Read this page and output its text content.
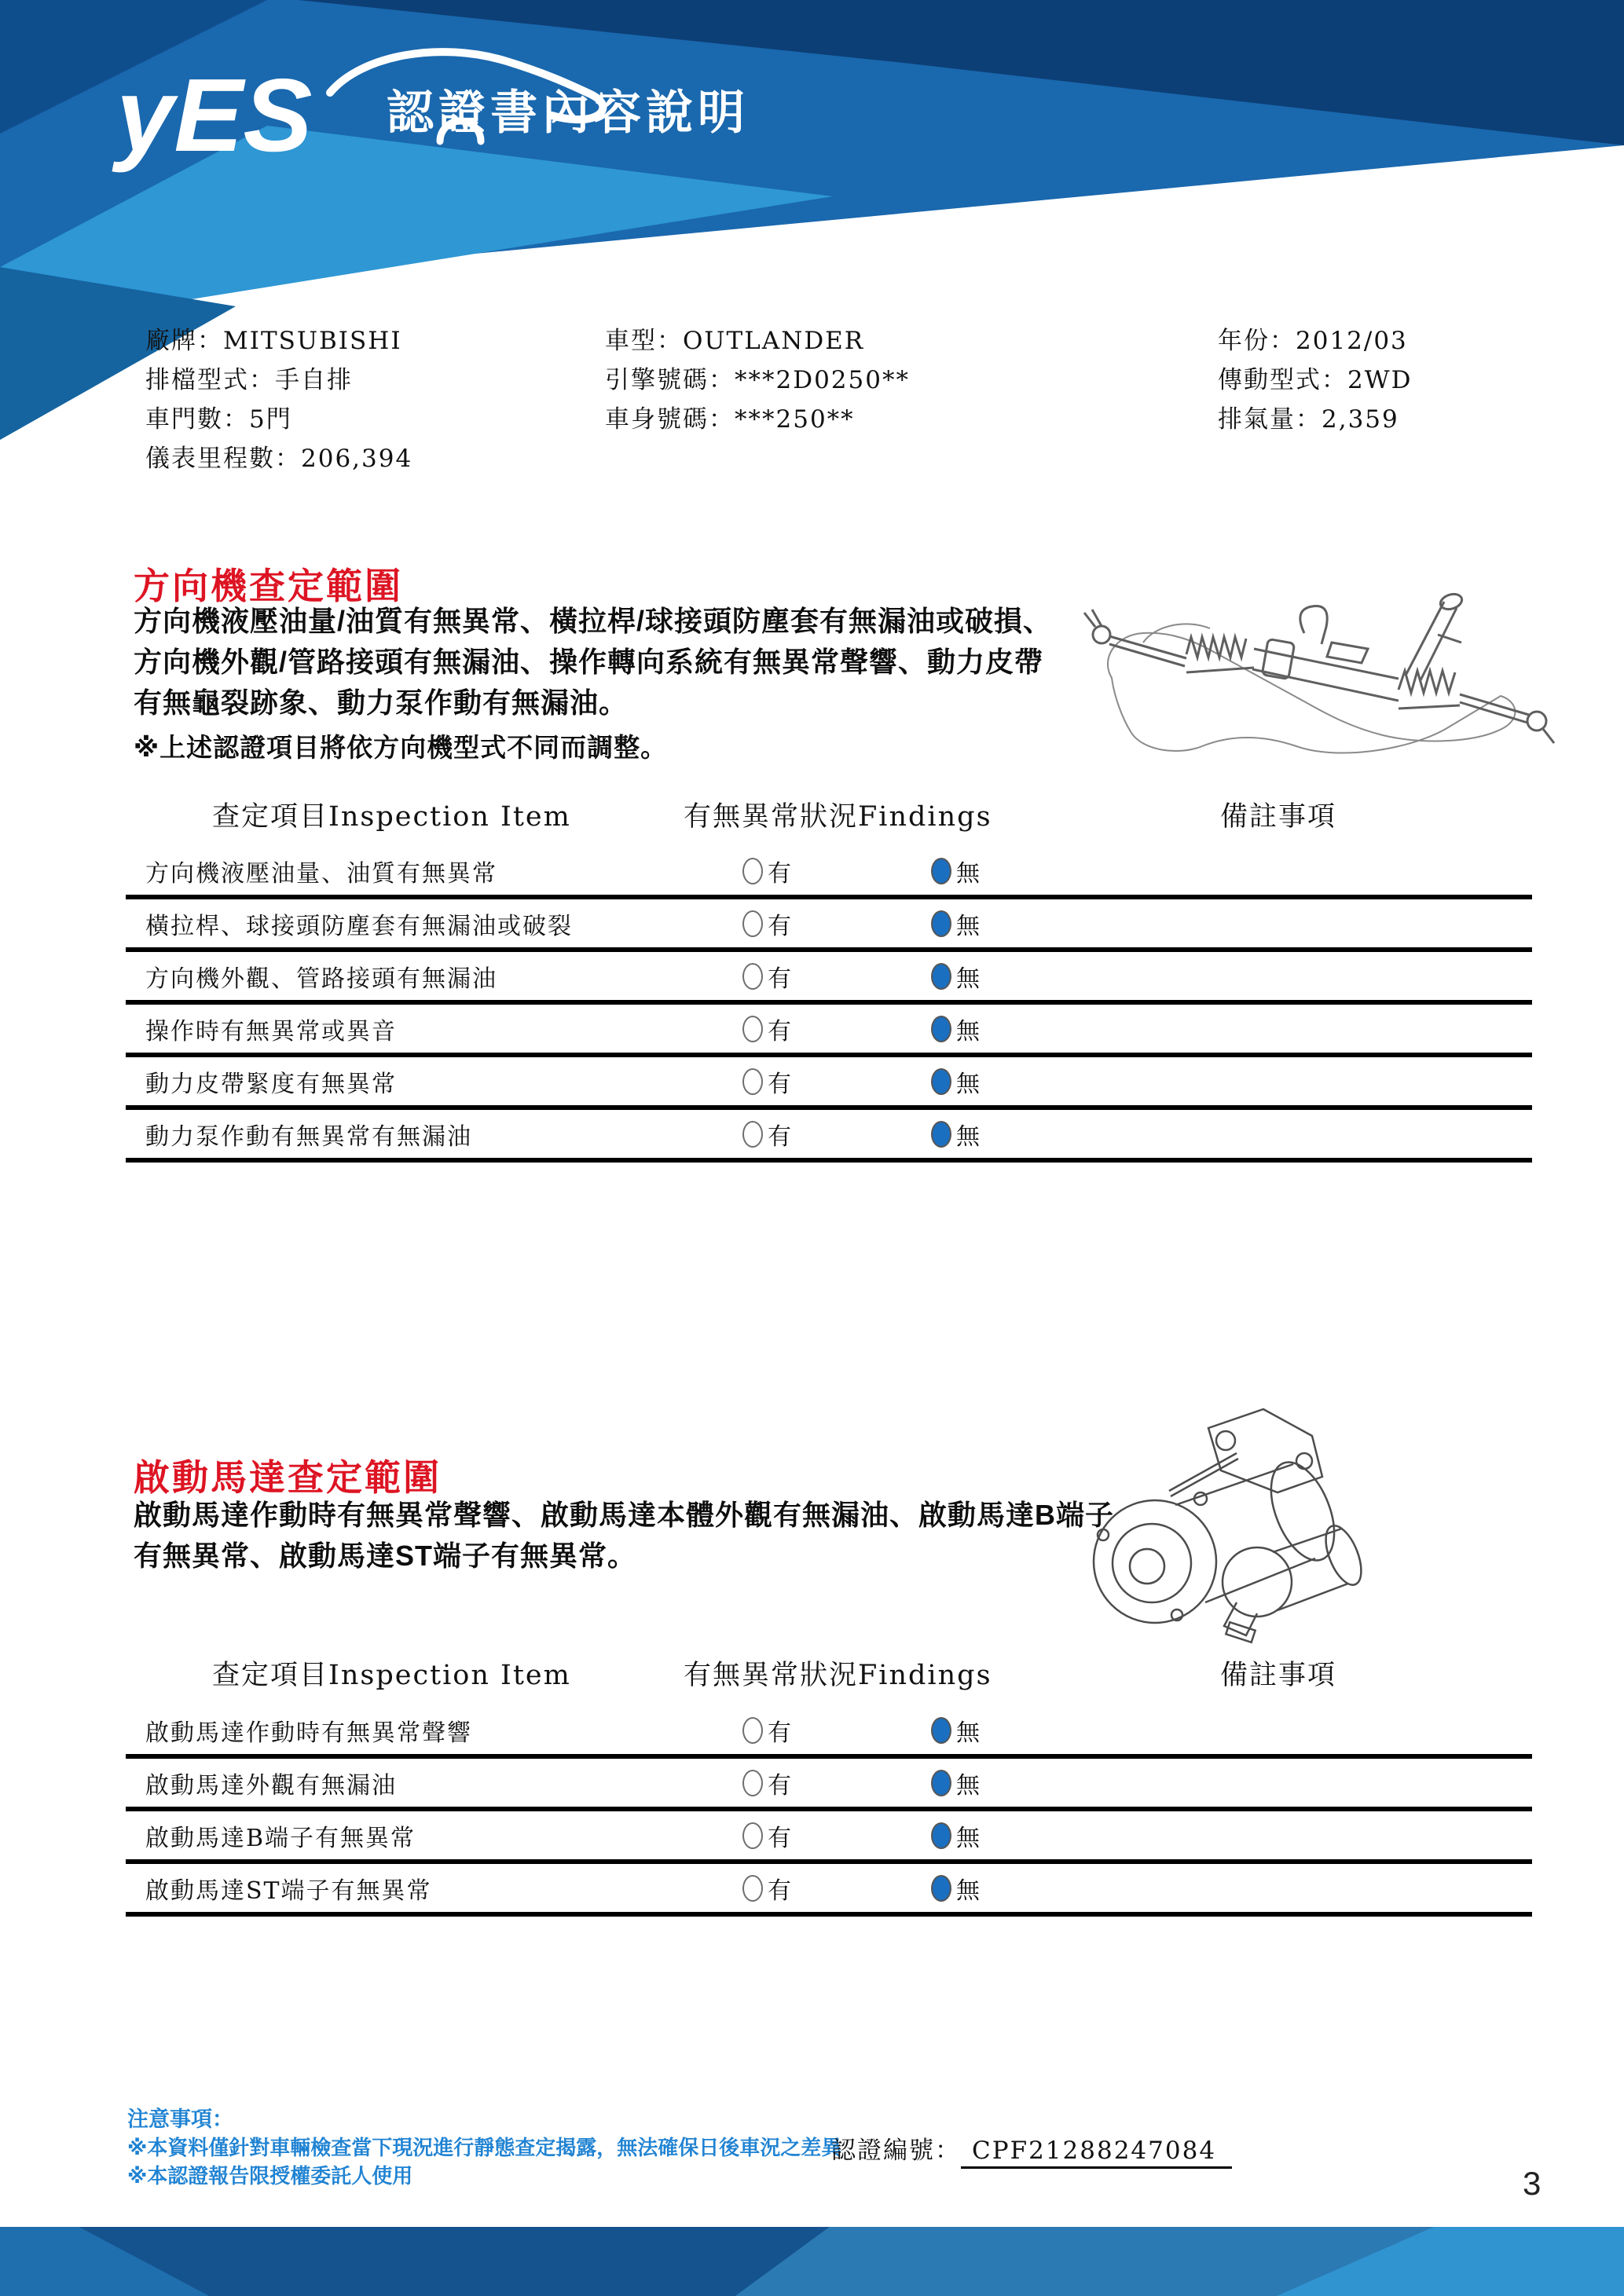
yES 認證書內容說明
廠牌：MITSUBISHI
排檔型式：手自排
車門數：5門
儀表里程數：206,394
車型：OUTLANDER
引擎號碼：***2D0250**
車身號碼：***250**
年份：2012/03
傳動型式：2WD
排氣量：2,359
方向機查定範圍
方向機液壓油量/油質有無異常、橫拉桿/球接頭防塵套有無漏油或破損、
方向機外觀/管路接頭有無漏油、操作轉向系統有無異常聲響、動力皮帶
有無龜裂跡象、動力泵作動有無漏油。
※上述認證項目將依方向機型式不同而調整。
查定項目Inspection Item	有無異常狀況Findings	備註事項
方向機液壓油量、油質有無異常	有	無
橫拉桿、球接頭防塵套有無漏油或破裂	有	無
方向機外觀、管路接頭有無漏油	有	無
操作時有無異常或異音	有	無
動力皮帶緊度有無異常	有	無
動力泵作動有無異常有無漏油	有	無
啟動馬達查定範圍
啟動馬達作動時有無異常聲響、啟動馬達本體外觀有無漏油、啟動馬達B端子
有無異常、啟動馬達ST端子有無異常。
查定項目Inspection Item	有無異常狀況Findings	備註事項
啟動馬達作動時有無異常聲響	有	無
啟動馬達外觀有無漏油	有	無
啟動馬達B端子有無異常	有	無
啟動馬達ST端子有無異常	有	無
注意事項：
※本資料僅針對車輛檢查當下現況進行靜態查定揭露，無法確保日後車況之差異
※本認證報告限授權委託人使用
認證編號： CPF21288247084
3
